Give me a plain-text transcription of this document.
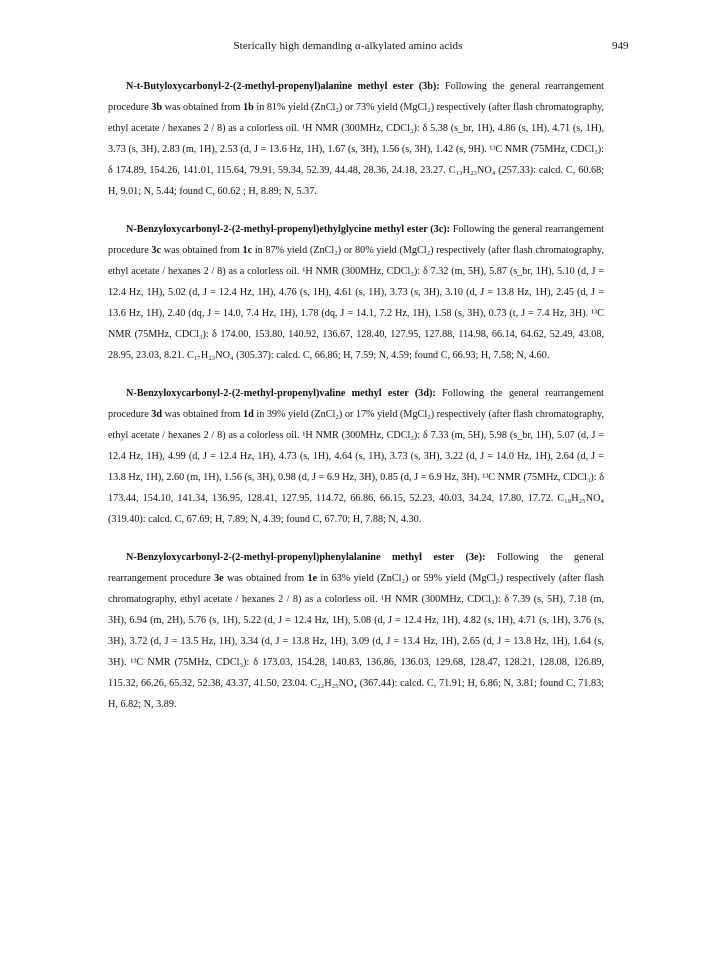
Sterically high demanding α-alkylated amino acids	949

N-t-Butyloxycarbonyl-2-(2-methyl-propenyl)alanine methyl ester (3b): Following the general rearrangement procedure 3b was obtained from 1b in 81% yield (ZnCl₂) or 73% yield (MgCl₂) respectively (after flash chromatography, ethyl acetate / hexanes 2 / 8) as a colorless oil. ¹H NMR (300MHz, CDCl₃): δ 5.38 (s_br, 1H), 4.86 (s, 1H), 4.71 (s, 1H), 3.73 (s, 3H), 2.83 (m, 1H), 2.53 (d, J = 13.6 Hz, 1H), 1.67 (s, 3H), 1.56 (s, 3H), 1.42 (s, 9H). ¹³C NMR (75MHz, CDCl₃): δ 174.89, 154.26, 141.01, 115.64, 79.91, 59.34, 52.39, 44.48, 28.36, 24.18, 23.27. C₁₃H₂₃NO₄ (257.33): calcd. C, 60.68; H, 9.01; N, 5.44; found C, 60.62 ; H, 8.89; N, 5.37.

N-Benzyloxycarbonyl-2-(2-methyl-propenyl)ethylglycine methyl ester (3c): Following the general rearrangement procedure 3c was obtained from 1c in 87% yield (ZnCl₂) or 80% yield (MgCl₂) respectively (after flash chromatography, ethyl acetate / hexanes 2 / 8) as a colorless oil. ¹H NMR (300MHz, CDCl₃): δ 7.32 (m, 5H), 5.87 (s_br, 1H), 5.10 (d, J = 12.4 Hz, 1H), 5.02 (d, J = 12.4 Hz, 1H), 4.76 (s, 1H), 4.61 (s, 1H), 3.73 (s, 3H), 3.10 (d, J = 13.8 Hz, 1H), 2.45 (d, J = 13.6 Hz, 1H), 2.40 (dq, J = 14.0, 7.4 Hz, 1H), 1.78 (dq, J = 14.1, 7.2 Hz, 1H), 1.58 (s, 3H), 0.73 (t, J = 7.4 Hz, 3H). ¹³C NMR (75MHz, CDCl₃): δ 174.00, 153.80, 140.92, 136.67, 128.40, 127.95, 127.88, 114.98, 66.14, 64.62, 52.49, 43.08, 28.95, 23.03, 8.21. C₁₇H₂₃NO₄ (305.37): calcd. C, 66.86; H, 7.59; N, 4.59; found C, 66.93; H, 7.58; N, 4.60.

N-Benzyloxycarbonyl-2-(2-methyl-propenyl)valine methyl ester (3d): Following the general rearrangement procedure 3d was obtained from 1d in 39% yield (ZnCl₂) or 17% yield (MgCl₂) respectively (after flash chromatography, ethyl acetate / hexanes 2 / 8) as a colorless oil. ¹H NMR (300MHz, CDCl₃): δ 7.33 (m, 5H), 5.98 (s_br, 1H), 5.07 (d, J = 12.4 Hz, 1H), 4.99 (d, J = 12.4 Hz, 1H), 4.73 (s, 1H), 4.64 (s, 1H), 3.73 (s, 3H), 3.22 (d, J = 14.0 Hz, 1H), 2.64 (d, J = 13.8 Hz, 1H), 2.60 (m, 1H), 1.56 (s, 3H), 0.98 (d, J = 6.9 Hz, 3H), 0.85 (d, J = 6.9 Hz, 3H). ¹³C NMR (75MHz, CDCl₃): δ 173.44, 154.10, 141.34, 136.95, 128.41, 127.95, 114.72, 66.86, 66.15, 52.23, 40.03, 34.24, 17.80, 17.72. C₁₈H₂₅NO₄ (319.40): calcd. C, 67.69; H, 7.89; N, 4.39; found C, 67.70; H, 7.88; N, 4.30.

N-Benzyloxycarbonyl-2-(2-methyl-propenyl)phenylalanine methyl ester (3e): Following the general rearrangement procedure 3e was obtained from 1e in 63% yield (ZnCl₂) or 59% yield (MgCl₂) respectively (after flash chromatography, ethyl acetate / hexanes 2 / 8) as a colorless oil. ¹H NMR (300MHz, CDCl₃): δ 7.39 (s, 5H), 7.18 (m, 3H), 6.94 (m, 2H), 5.76 (s, 1H), 5.22 (d, J = 12.4 Hz, 1H), 5.08 (d, J = 12.4 Hz, 1H), 4.82 (s, 1H), 4.71 (s, 1H), 3.76 (s, 3H), 3.72 (d, J = 13.5 Hz, 1H), 3.34 (d, J = 13.8 Hz, 1H), 3.09 (d, J = 13.4 Hz, 1H), 2.65 (d, J = 13.8 Hz, 1H), 1.64 (s, 3H). ¹³C NMR (75MHz, CDCl₃): δ 173.03, 154.28, 140.83, 136.86, 136.03, 129.68, 128.47, 128.21, 128.08, 126.89, 115.32, 66.26, 65.32, 52.38, 43.37, 41.50, 23.04. C₂₂H₂₅NO₄ (367.44): calcd. C, 71.91; H, 6.86; N, 3.81; found C, 71.83; H, 6.82; N, 3.89.
